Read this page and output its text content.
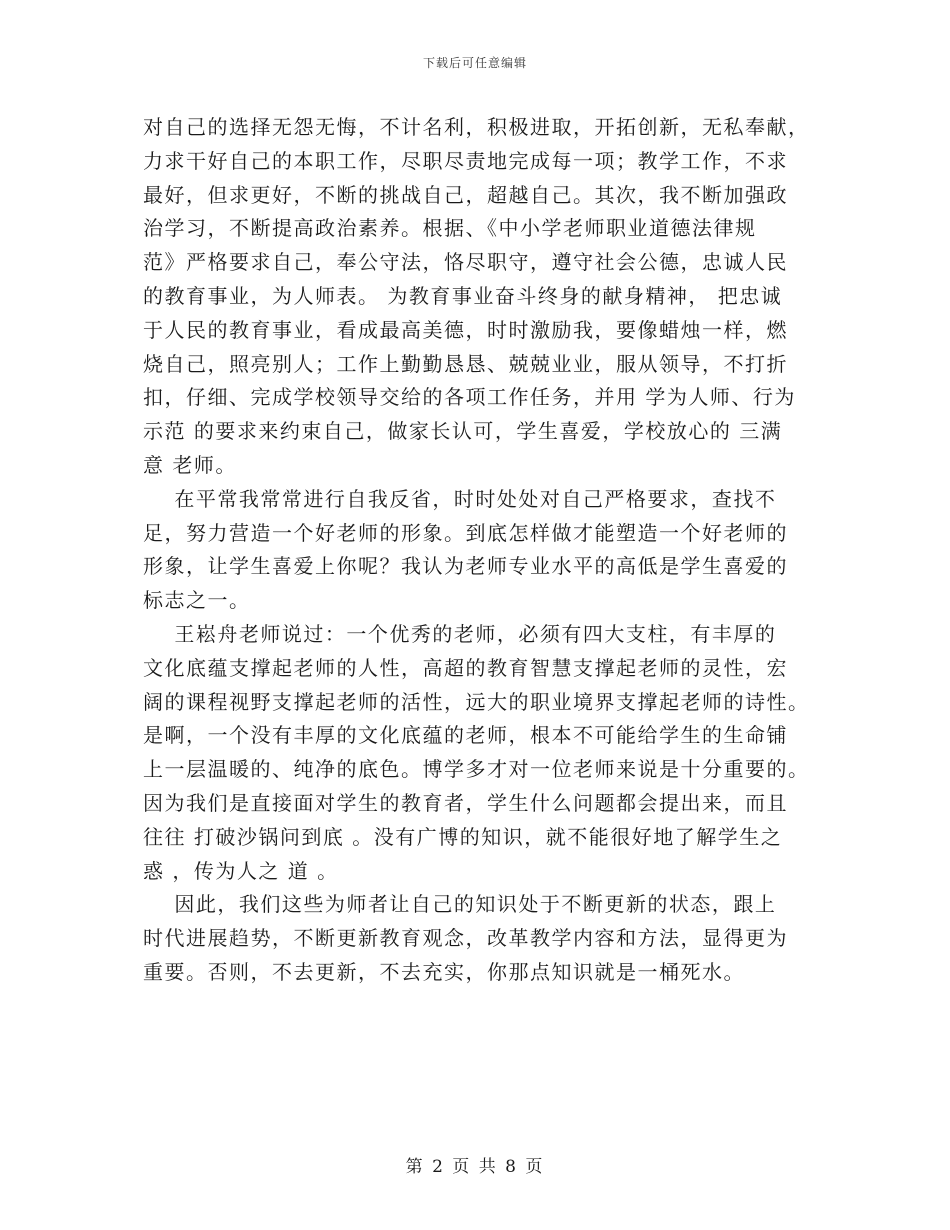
下载后可任意编辑
对自己的选择无怨无悔，不计名利，积极进取，开拓创新，无私奉献，
力求干好自己的本职工作，尽职尽责地完成每一项；教学工作，不求
最好，但求更好，不断的挑战自己，超越自己。其次，我不断加强政
治学习，不断提高政治素养。根据、《中小学老师职业道德法律规
范》严格要求自己，奉公守法，恪尽职守，遵守社会公德，忠诚人民
的教育事业，为人师表。 为教育事业奋斗终身的献身精神， 把忠诚
于人民的教育事业，看成最高美德，时时激励我，要像蜡烛一样，燃
烧自己，照亮别人；工作上勤勤恳恳、兢兢业业，服从领导，不打折
扣，仔细、完成学校领导交给的各项工作任务，并用 学为人师、行为
示范 的要求来约束自己，做家长认可，学生喜爱，学校放心的 三满
意 老师。
在平常我常常进行自我反省，时时处处对自己严格要求，查找不
足，努力营造一个好老师的形象。到底怎样做才能塑造一个好老师的
形象，让学生喜爱上你呢？我认为老师专业水平的高低是学生喜爱的
标志之一。
王崧舟老师说过：一个优秀的老师，必须有四大支柱，有丰厚的
文化底蕴支撑起老师的人性，高超的教育智慧支撑起老师的灵性，宏
阔的课程视野支撑起老师的活性，远大的职业境界支撑起老师的诗性。
是啊，一个没有丰厚的文化底蕴的老师，根本不可能给学生的生命铺
上一层温暖的、纯净的底色。博学多才对一位老师来说是十分重要的。
因为我们是直接面对学生的教育者，学生什么问题都会提出来，而且
往往 打破沙锅问到底 。没有广博的知识，就不能很好地了解学生之
惑 ，传为人之 道 。
因此，我们这些为师者让自己的知识处于不断更新的状态，跟上
时代进展趋势，不断更新教育观念，改革教学内容和方法，显得更为
重要。否则，不去更新，不去充实，你那点知识就是一桶死水。
第 2 页 共 8 页
